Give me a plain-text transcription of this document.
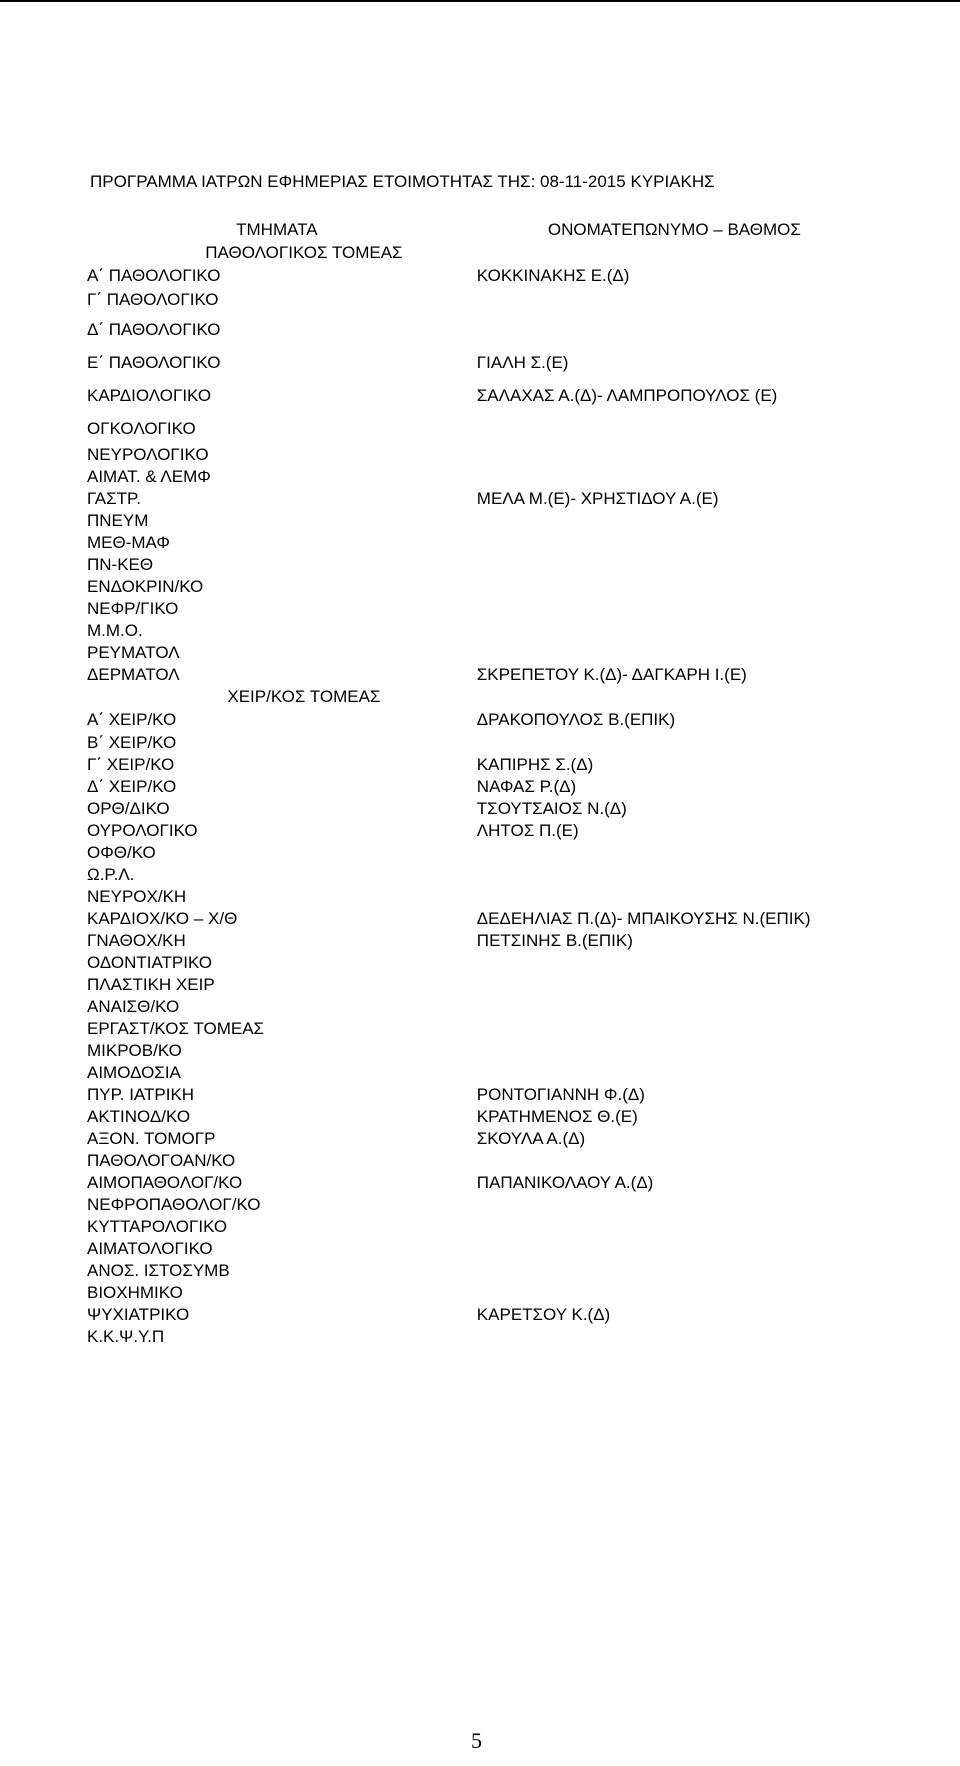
ΠΡΟΓΡΑΜΜΑ ΙΑΤΡΩΝ ΕΦΗΜΕΡΙΑΣ ΕΤΟΙΜΟΤΗΤΑΣ ΤΗΣ: 08-11-2015 ΚΥΡΙΑΚΗΣ
ΤΜΗΜΑΤΑ	ΟΝΟΜΑΤΕΠΩΝΥΜΟ – ΒΑΘΜΟΣ
ΠΑΘΟΛΟΓΙΚΟΣ ΤΟΜΕΑΣ	
Α΄ ΠΑΘΟΛΟΓΙΚΟ	ΚΟΚΚΙΝΑΚΗΣ Ε.(Δ)
Γ΄ ΠΑΘΟΛΟΓΙΚΟ	
Δ΄ ΠΑΘΟΛΟΓΙΚΟ	
Ε΄ ΠΑΘΟΛΟΓΙΚΟ	ΓΙΑΛΗ Σ.(Ε)
ΚΑΡΔΙΟΛΟΓΙΚΟ	ΣΑΛΑΧΑΣ Α.(Δ)- ΛΑΜΠΡΟΠΟΥΛΟΣ (Ε)
ΟΓΚΟΛΟΓΙΚΟ	
ΝΕΥΡΟΛΟΓΙΚΟ	
ΑΙΜΑΤ. & ΛΕΜΦ	
ΓΑΣΤΡ.	ΜΕΛΑ Μ.(Ε)- ΧΡΗΣΤΙΔΟΥ Α.(Ε)
ΠΝΕΥΜ	
ΜΕΘ-ΜΑΦ	
ΠΝ-ΚΕΘ	
ΕΝΔΟΚΡΙΝ/ΚΟ	
ΝΕΦΡ/ΓΙΚΟ	
Μ.Μ.Ο.	
ΡΕΥΜΑΤΟΛ	
ΔΕΡΜΑΤΟΛ	ΣΚΡΕΠΕΤΟΥ Κ.(Δ)- ΔΑΓΚΑΡΗ Ι.(Ε)
ΧΕΙΡ/ΚΟΣ ΤΟΜΕΑΣ	
Α΄ ΧΕΙΡ/ΚΟ	ΔΡΑΚΟΠΟΥΛΟΣ Β.(ΕΠΙΚ)
Β΄ ΧΕΙΡ/ΚΟ	
Γ΄ ΧΕΙΡ/ΚΟ	ΚΑΠΙΡΗΣ Σ.(Δ)
Δ΄ ΧΕΙΡ/ΚΟ	ΝΑΦΑΣ Ρ.(Δ)
ΟΡΘ/ΔΙΚΟ	ΤΣΟΥΤΣΑΙΟΣ Ν.(Δ)
ΟΥΡΟΛΟΓΙΚΟ	ΛΗΤΟΣ Π.(Ε)
ΟΦΘ/ΚΟ	
Ω.Ρ.Λ.	
ΝΕΥΡΟΧ/ΚΗ	
ΚΑΡΔΙΟΧ/ΚΟ – Χ/Θ	ΔΕΔΕΗΛΙΑΣ Π.(Δ)- ΜΠΑΙΚΟΥΣΗΣ Ν.(ΕΠΙΚ)
ΓΝΑΘΟΧ/ΚΗ	ΠΕΤΣΙΝΗΣ Β.(ΕΠΙΚ)
ΟΔΟΝΤΙΑΤΡΙΚΟ	
ΠΛΑΣΤΙΚΗ ΧΕΙΡ	
ΑΝΑΙΣΘ/ΚΟ	
ΕΡΓΑΣΤ/ΚΟΣ ΤΟΜΕΑΣ	
ΜΙΚΡΟΒ/ΚΟ	
ΑΙΜΟΔΟΣΙΑ	
ΠΥΡ. ΙΑΤΡΙΚΗ	ΡΟΝΤΟΓΙΑΝΝΗ Φ.(Δ)
ΑΚΤΙΝΟΔ/ΚΟ	ΚΡΑΤΗΜΕΝΟΣ Θ.(Ε)
ΑΞΟΝ. ΤΟΜΟΓΡ	ΣΚΟΥΛΑ Α.(Δ)
ΠΑΘΟΛΟΓΟΑΝ/ΚΟ	
ΑΙΜΟΠΑΘΟΛΟΓ/ΚΟ	ΠΑΠΑΝΙΚΟΛΑΟΥ Α.(Δ)
ΝΕΦΡΟΠΑΘΟΛΟΓ/ΚΟ	
ΚΥΤΤΑΡΟΛΟΓΙΚΟ	
ΑΙΜΑΤΟΛΟΓΙΚΟ	
ΑΝΟΣ. ΙΣΤΟΣΥΜΒ	
ΒΙΟΧΗΜΙΚΟ	
ΨΥΧΙΑΤΡΙΚΟ	ΚΑΡΕΤΣΟΥ Κ.(Δ)
Κ.Κ.Ψ.Υ.Π	
5
